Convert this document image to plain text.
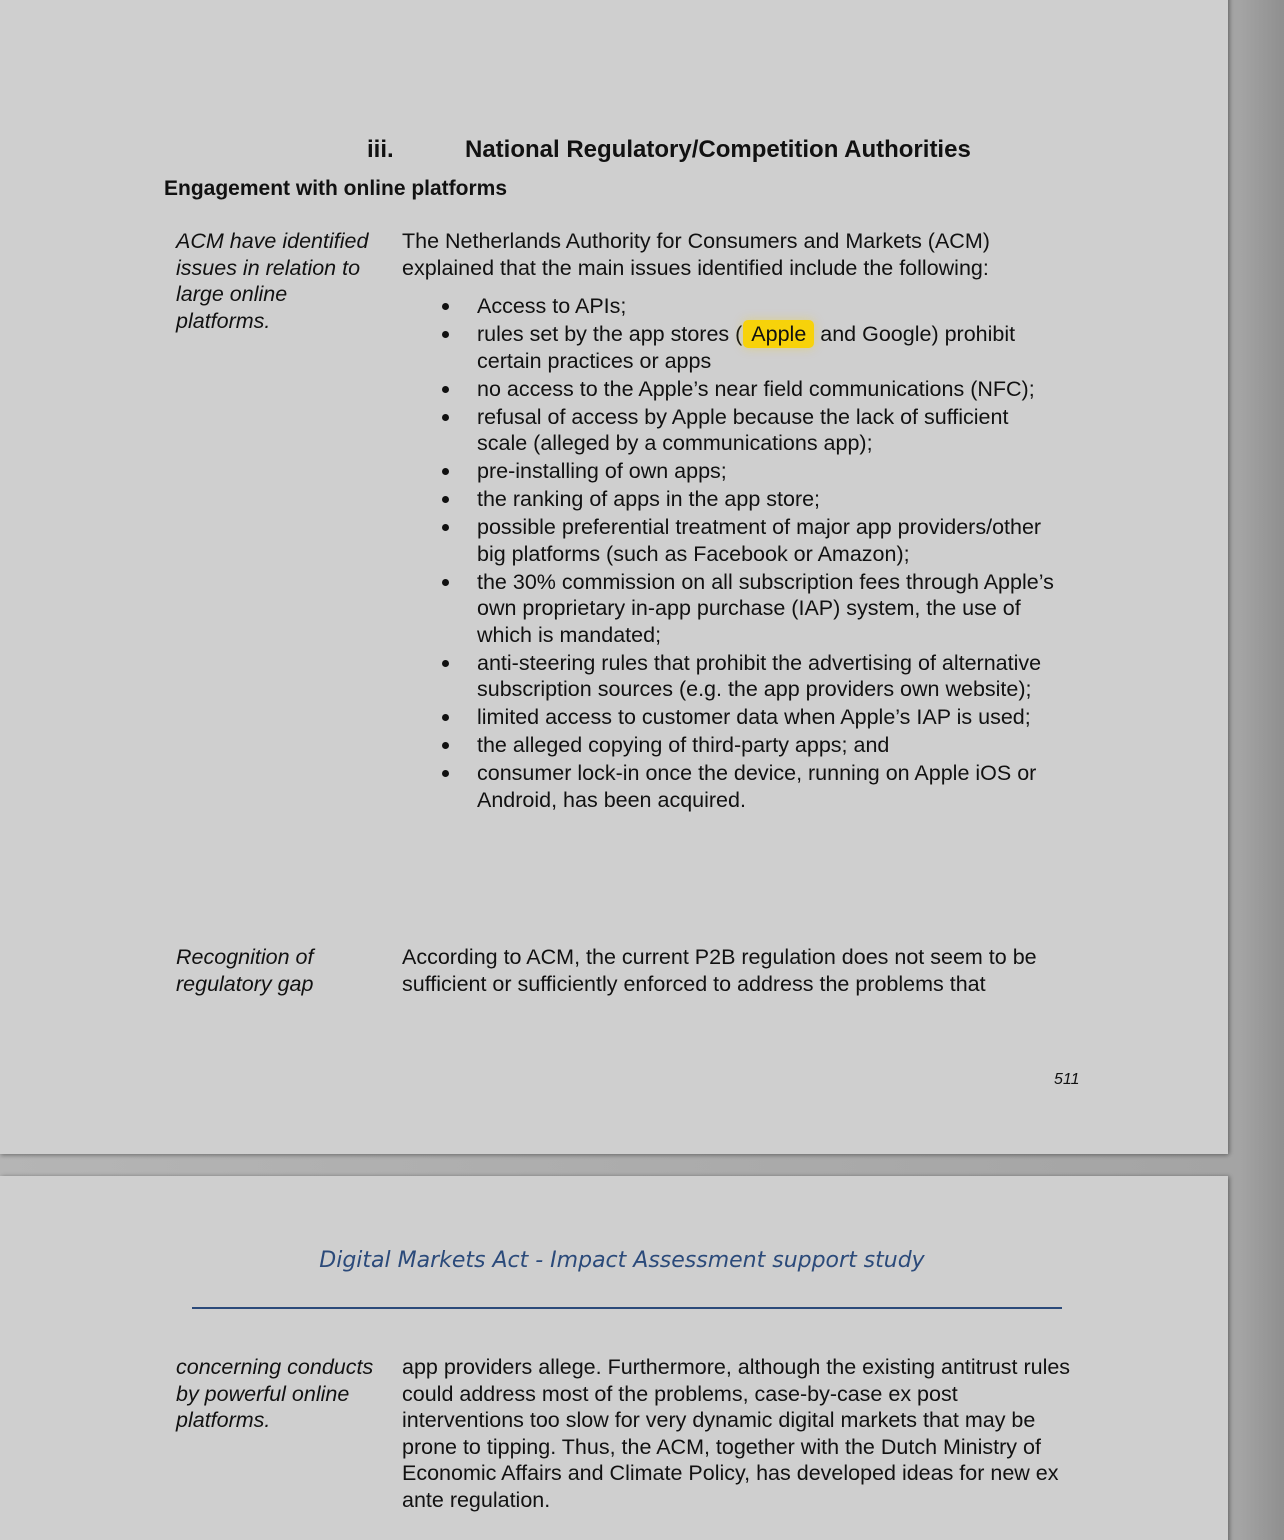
iii.	National Regulatory/Competition Authorities
Engagement with online platforms
ACM have identified issues in relation to large online platforms.
The Netherlands Authority for Consumers and Markets (ACM) explained that the main issues identified include the following:
Access to APIs;
rules set by the app stores ( Apple and Google) prohibit certain practices or apps
no access to the Apple’s near field communications (NFC);
refusal of access by Apple because the lack of sufficient scale (alleged by a communications app);
pre-installing of own apps;
the ranking of apps in the app store;
possible preferential treatment of major app providers/other big platforms (such as Facebook or Amazon);
the 30% commission on all subscription fees through Apple’s own proprietary in-app purchase (IAP) system, the use of which is mandated;
anti-steering rules that prohibit the advertising of alternative subscription sources (e.g. the app providers own website);
limited access to customer data when Apple’s IAP is used;
the alleged copying of third-party apps; and
consumer lock-in once the device, running on Apple iOS or Android, has been acquired.
Recognition of regulatory gap
According to ACM, the current P2B regulation does not seem to be sufficient or sufficiently enforced to address the problems that
511
Digital Markets Act - Impact Assessment support study
concerning conducts by powerful online platforms.
app providers allege. Furthermore, although the existing antitrust rules could address most of the problems, case-by-case ex post interventions too slow for very dynamic digital markets that may be prone to tipping. Thus, the ACM, together with the Dutch Ministry of Economic Affairs and Climate Policy, has developed ideas for new ex ante regulation.
